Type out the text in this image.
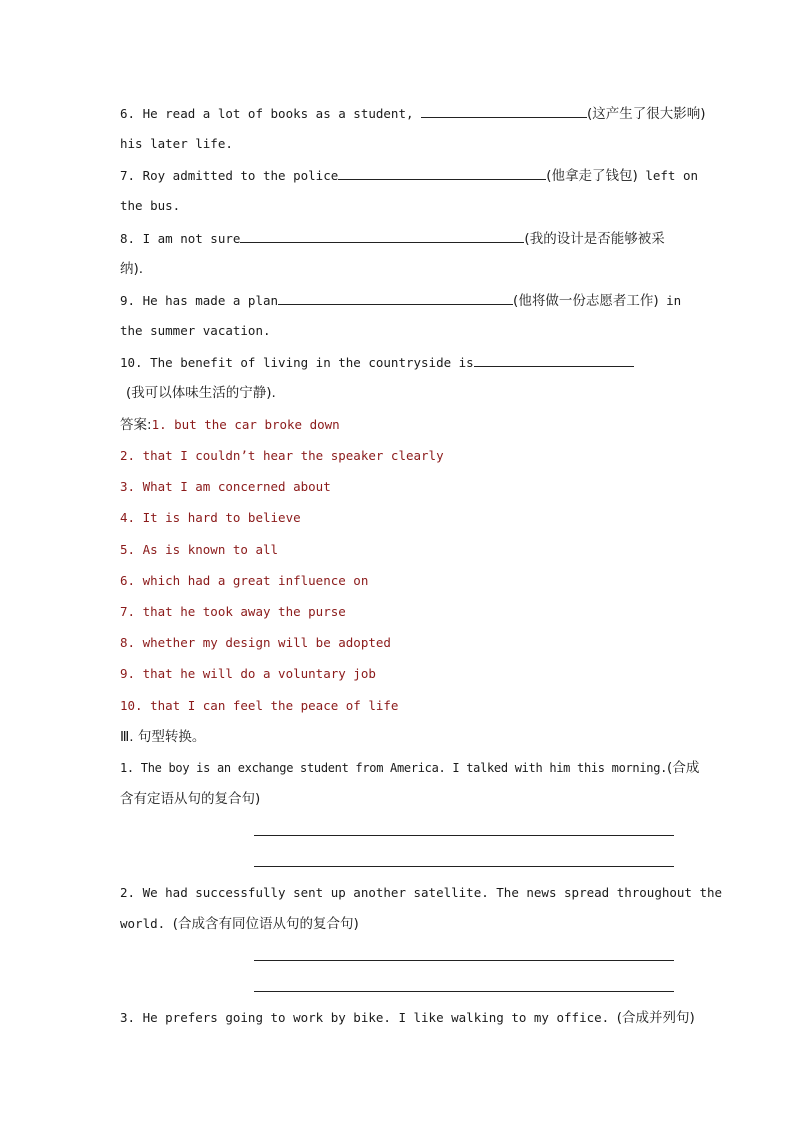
6. He read a lot of books as a student,	(这产生了很大影响)
his later life.
7. Roy admitted to the police	(他拿走了钱包) left on
the bus.
8. I am not sure	(我的设计是否能够被采
纳).
9. He has made a plan	(他将做一份志愿者工作) in
the summer vacation.
10. The benefit of living in the countryside is
(我可以体味生活的宁静).
答案:1. but the car broke down
2. that I couldn’t hear the speaker clearly
3. What I am concerned about
4. It is hard to believe
5. As is known to all
6. which had a great influence on
7. that he took away the purse
8. whether my design will be adopted
9. that he will do a voluntary job
10. that I can feel the peace of life
Ⅲ. 句型转换。
1. The boy is an exchange student from America. I talked with him this morning.(合成
含有定语从句的复合句)
2. We had successfully sent up another satellite. The news spread throughout the
world. (合成含有同位语从句的复合句)
3. He prefers going to work by bike. I like walking to my office. (合成并列句)
